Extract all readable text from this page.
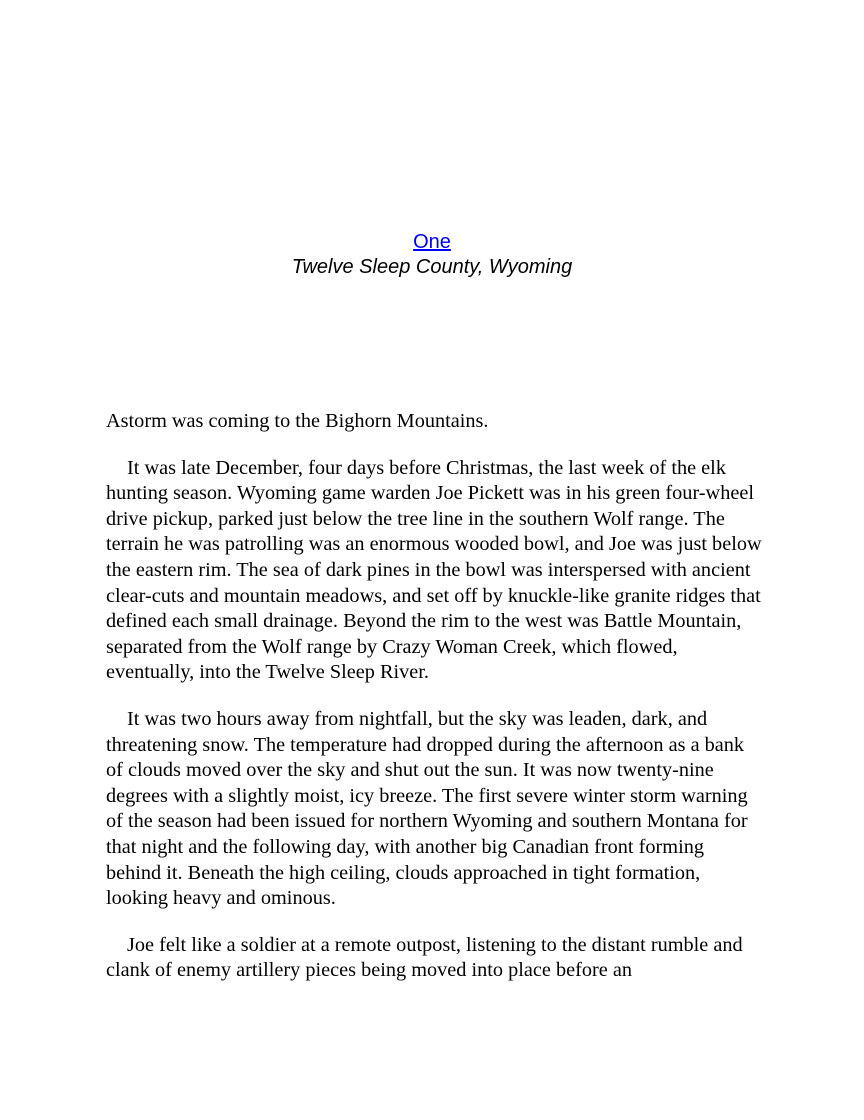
One
Twelve Sleep County, Wyoming

Astorm was coming to the Bighorn Mountains.

It was late December, four days before Christmas, the last week of the elk hunting season. Wyoming game warden Joe Pickett was in his green four-wheel drive pickup, parked just below the tree line in the southern Wolf range. The terrain he was patrolling was an enormous wooded bowl, and Joe was just below the eastern rim. The sea of dark pines in the bowl was interspersed with ancient clear-cuts and mountain meadows, and set off by knuckle-like granite ridges that defined each small drainage. Beyond the rim to the west was Battle Mountain, separated from the Wolf range by Crazy Woman Creek, which flowed, eventually, into the Twelve Sleep River.

It was two hours away from nightfall, but the sky was leaden, dark, and threatening snow. The temperature had dropped during the afternoon as a bank of clouds moved over the sky and shut out the sun. It was now twenty-nine degrees with a slightly moist, icy breeze. The first severe winter storm warning of the season had been issued for northern Wyoming and southern Montana for that night and the following day, with another big Canadian front forming behind it. Beneath the high ceiling, clouds approached in tight formation, looking heavy and ominous.

Joe felt like a soldier at a remote outpost, listening to the distant rumble and clank of enemy artillery pieces being moved into place before an
